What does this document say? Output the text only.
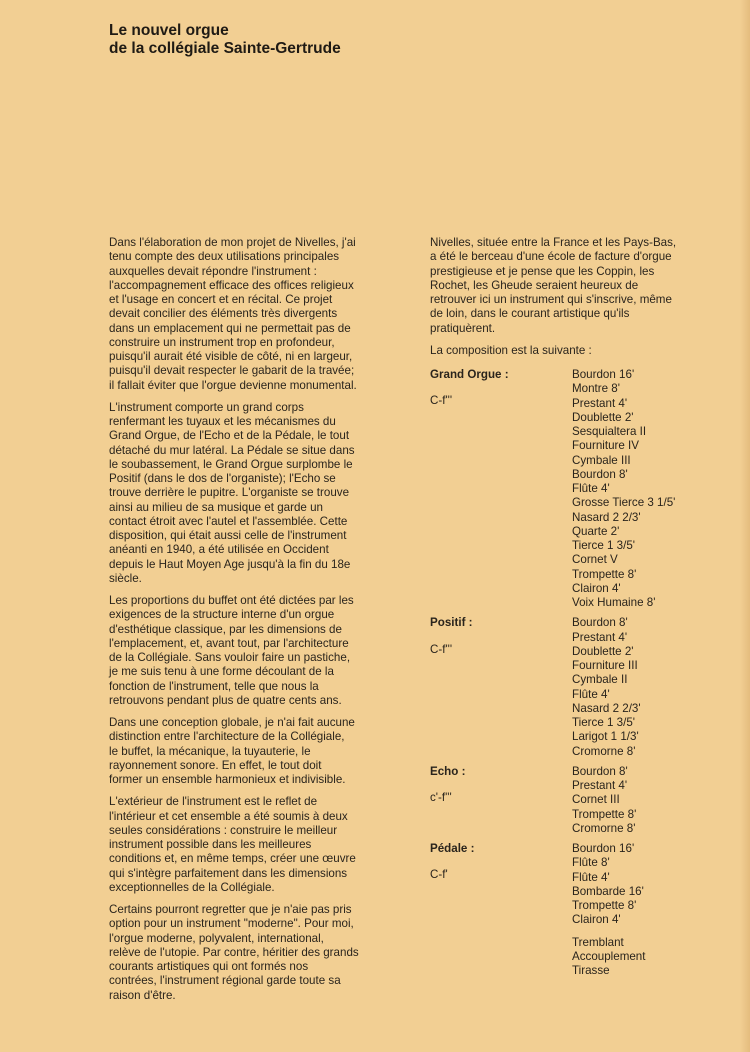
Le nouvel orgue
de la collégiale Sainte-Gertrude

Dans l'élaboration de mon projet de Nivelles, j'ai
tenu compte des deux utilisations principales
auxquelles devait répondre l'instrument :
l'accompagnement efficace des offices religieux
et l'usage en concert et en récital. Ce projet
devait concilier des éléments très divergents
dans un emplacement qui ne permettait pas de
construire un instrument trop en profondeur,
puisqu'il aurait été visible de côté, ni en largeur,
puisqu'il devait respecter le gabarit de la travée;
il fallait éviter que l'orgue devienne monumental.

L'instrument comporte un grand corps
renfermant les tuyaux et les mécanismes du
Grand Orgue, de l'Echo et de la Pédale, le tout
détaché du mur latéral. La Pédale se situe dans
le soubassement, le Grand Orgue surplombe le
Positif (dans le dos de l'organiste); l'Echo se
trouve derrière le pupitre. L'organiste se trouve
ainsi au milieu de sa musique et garde un
contact étroit avec l'autel et l'assemblée. Cette
disposition, qui était aussi celle de l'instrument
anéanti en 1940, a été utilisée en Occident
depuis le Haut Moyen Age jusqu'à la fin du 18e
siècle.

Les proportions du buffet ont été dictées par les
exigences de la structure interne d'un orgue
d'esthétique classique, par les dimensions de
l'emplacement, et, avant tout, par l'architecture
de la Collégiale. Sans vouloir faire un pastiche,
je me suis tenu à une forme découlant de la
fonction de l'instrument, telle que nous la
retrouvons pendant plus de quatre cents ans.

Dans une conception globale, je n'ai fait aucune
distinction entre l'architecture de la Collégiale,
le buffet, la mécanique, la tuyauterie, le
rayonnement sonore. En effet, le tout doit
former un ensemble harmonieux et indivisible.

L'extérieur de l'instrument est le reflet de
l'intérieur et cet ensemble a été soumis à deux
seules considérations : construire le meilleur
instrument possible dans les meilleures
conditions et, en même temps, créer une œuvre
qui s'intègre parfaitement dans les dimensions
exceptionnelles de la Collégiale.

Certains pourront regretter que je n'aie pas pris
option pour un instrument "moderne". Pour moi,
l'orgue moderne, polyvalent, international,
relève de l'utopie. Par contre, héritier des grands
courants artistiques qui ont formés nos
contrées, l'instrument régional garde toute sa
raison d'être.

Nivelles, située entre la France et les Pays-Bas,
a été le berceau d'une école de facture d'orgue
prestigieuse et je pense que les Coppin, les
Rochet, les Gheude seraient heureux de
retrouver ici un instrument qui s'inscrive, même
de loin, dans le courant artistique qu'ils
pratiquèrent.

La composition est la suivante :
Grand Orgue :
C-f'''
Bourdon 16'
Montre 8'
Prestant 4'
Doublette 2'
Sesquialtera II
Fourniture IV
Cymbale III
Bourdon 8'
Flûte 4'
Grosse Tierce 3 1/5'
Nasard 2 2/3'
Quarte 2'
Tierce 1 3/5'
Cornet V
Trompette 8'
Clairon 4'
Voix Humaine 8'
Positif :
C-f'''
Bourdon 8'
Prestant 4'
Doublette 2'
Fourniture III
Cymbale II
Flûte 4'
Nasard 2 2/3'
Tierce 1 3/5'
Larigot 1 1/3'
Cromorne 8'
Echo :
c'-f'''
Bourdon 8'
Prestant 4'
Cornet III
Trompette 8'
Cromorne 8'
Pédale :
C-f'
Bourdon 16'
Flûte 8'
Flûte 4'
Bombarde 16'
Trompette 8'
Clairon 4'
Tremblant
Accouplement
Tirasse
